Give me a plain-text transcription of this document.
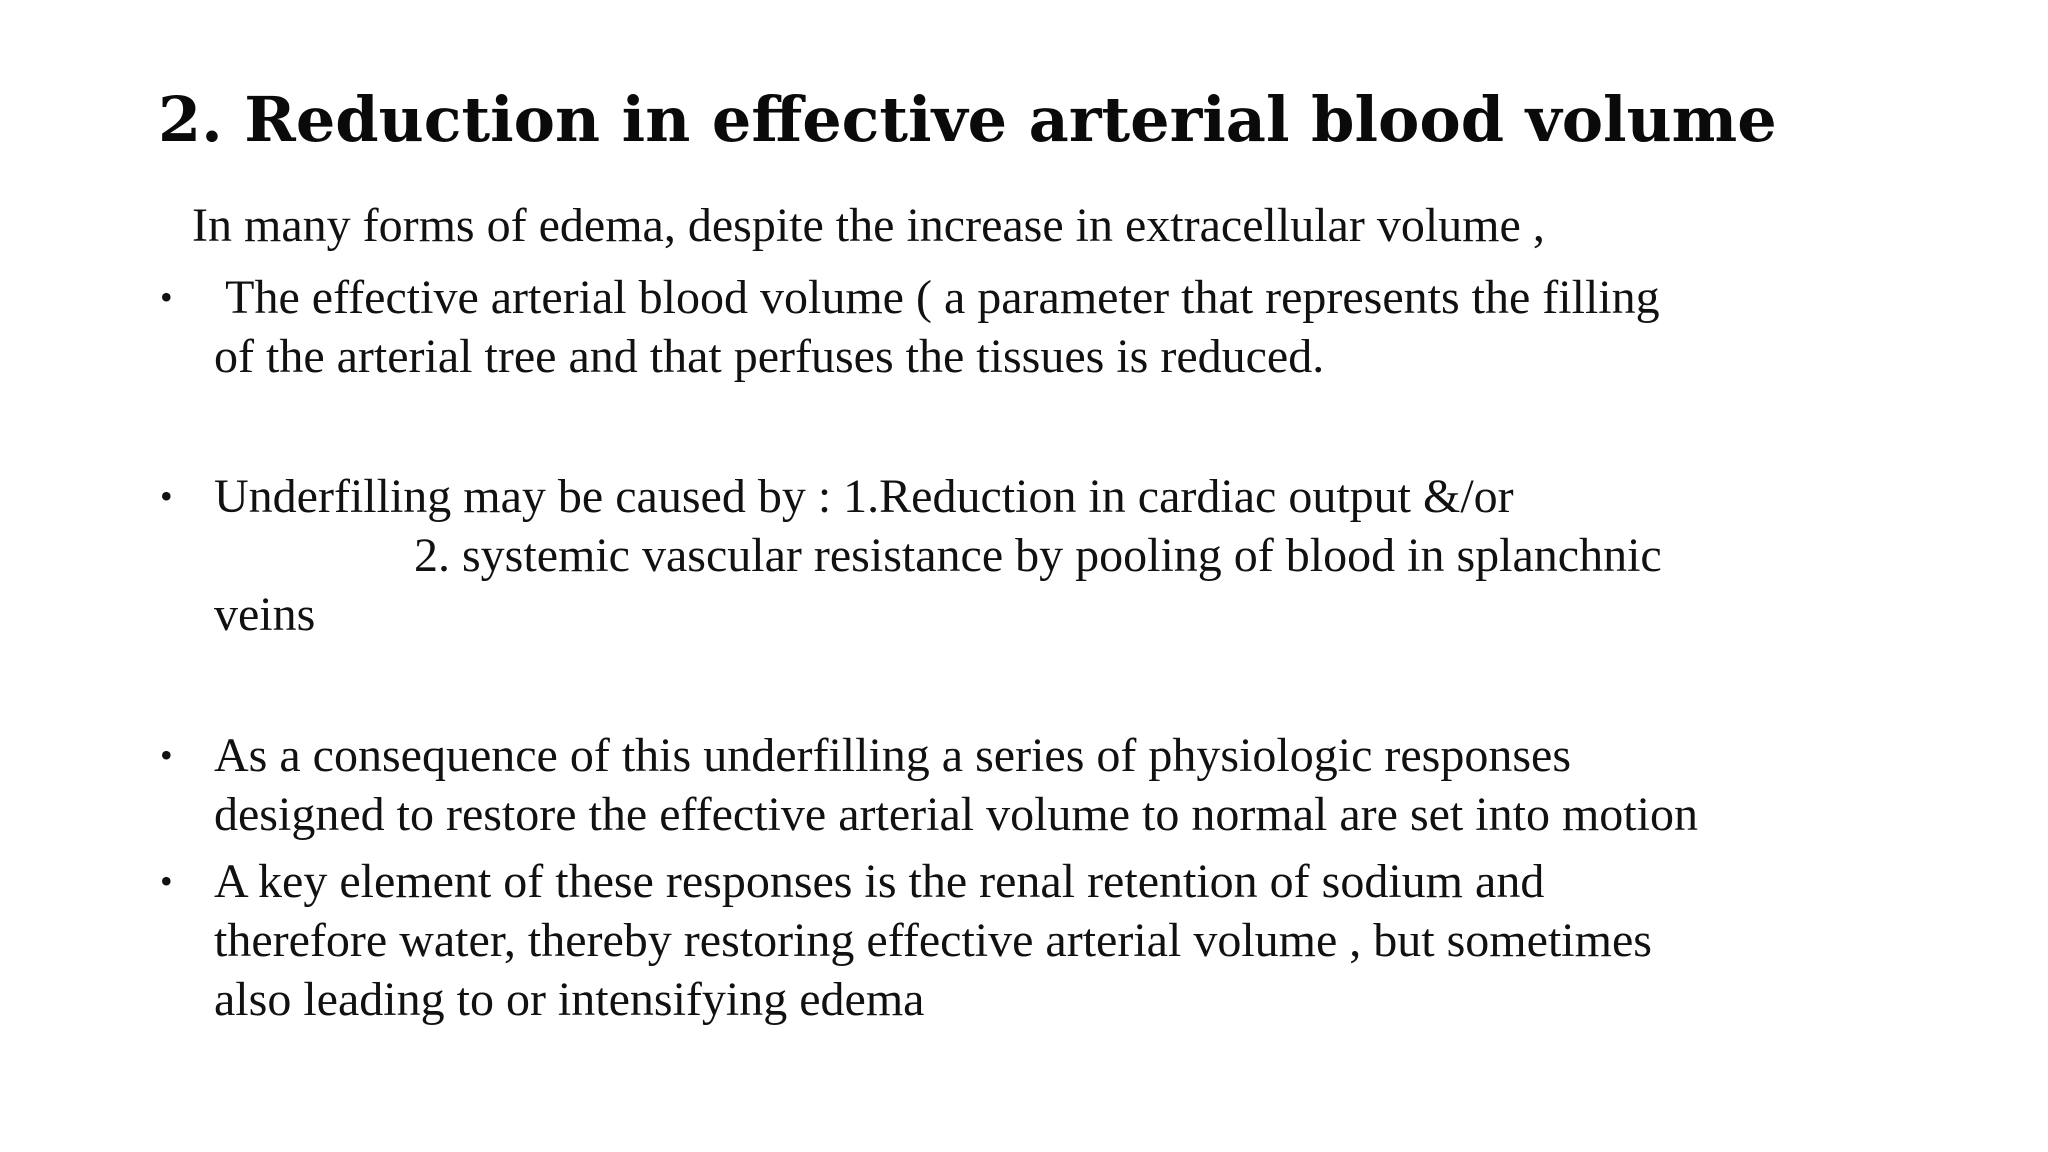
2. Reduction in effective arterial blood volume

In many forms of edema, despite the increase in extracellular volume ,

• The effective arterial blood volume ( a parameter that represents the filling
of the arterial tree and that perfuses the tissues is reduced.
• Underfilling may be caused by : 1.Reduction in cardiac output &/or
2. systemic vascular resistance by pooling of blood in splanchnic
veins
• As a consequence of this underfilling a series of physiologic responses
designed to restore the effective arterial volume to normal are set into motion
• A key element of these responses is the renal retention of sodium and
therefore water, thereby restoring effective arterial volume , but sometimes
also leading to or intensifying edema
